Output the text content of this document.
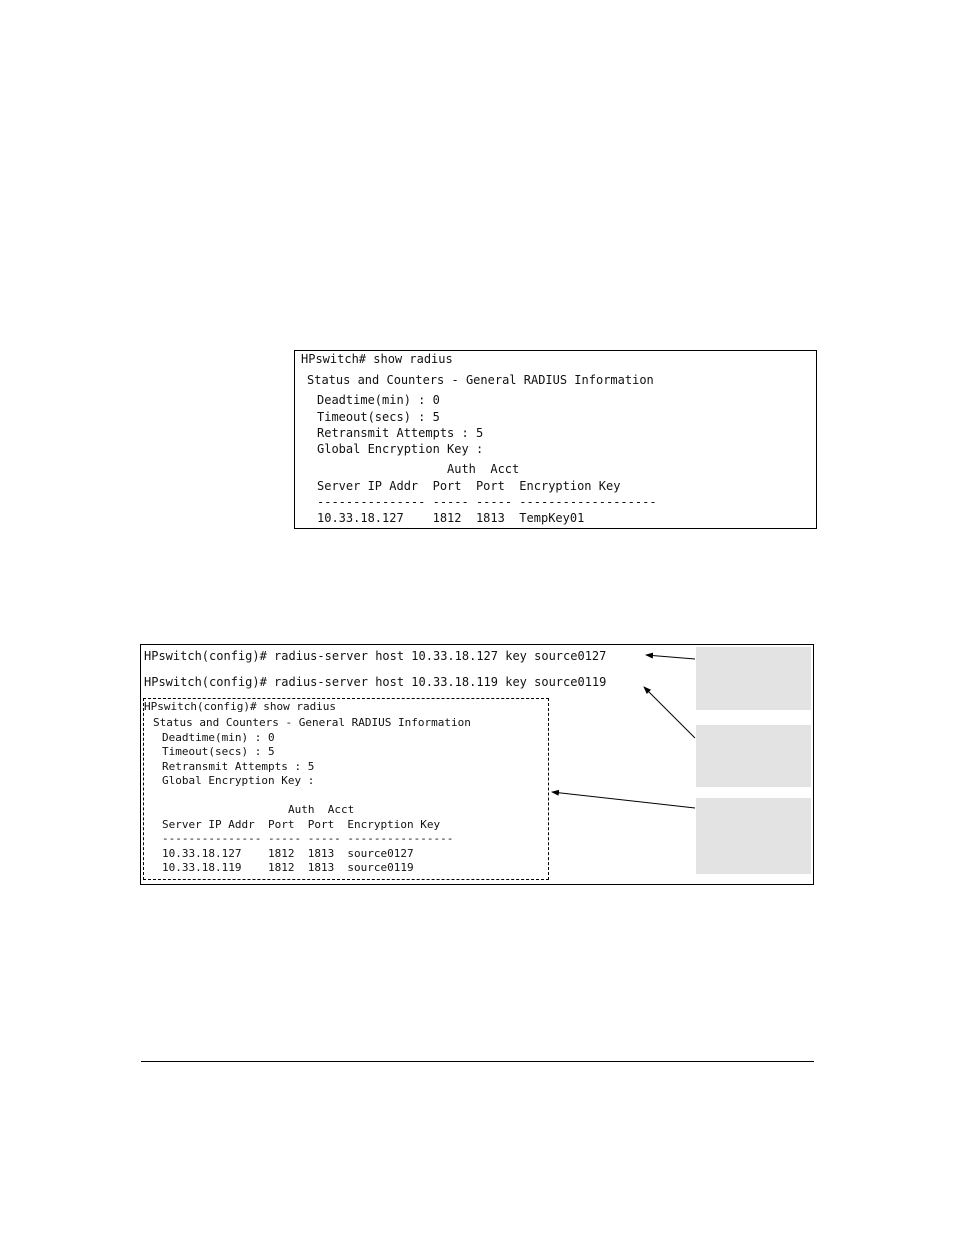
HPswitch# show radius
Status and Counters - General RADIUS Information
Deadtime(min) : 0
Timeout(secs) : 5
Retransmit Attempts : 5
Global Encryption Key :
Auth  Acct
Server IP Addr  Port  Port  Encryption Key
--------------- ----- ----- -------------------
10.33.18.127    1812  1813  TempKey01
HPswitch(config)# radius-server host 10.33.18.127 key source0127
HPswitch(config)# radius-server host 10.33.18.119 key source0119
HPswitch(config)# show radius
Status and Counters - General RADIUS Information
Deadtime(min) : 0
Timeout(secs) : 5
Retransmit Attempts : 5
Global Encryption Key :
Auth  Acct
Server IP Addr  Port  Port  Encryption Key
--------------- ----- ----- ----------------
10.33.18.127    1812  1813  source0127
10.33.18.119    1812  1813  source0119
